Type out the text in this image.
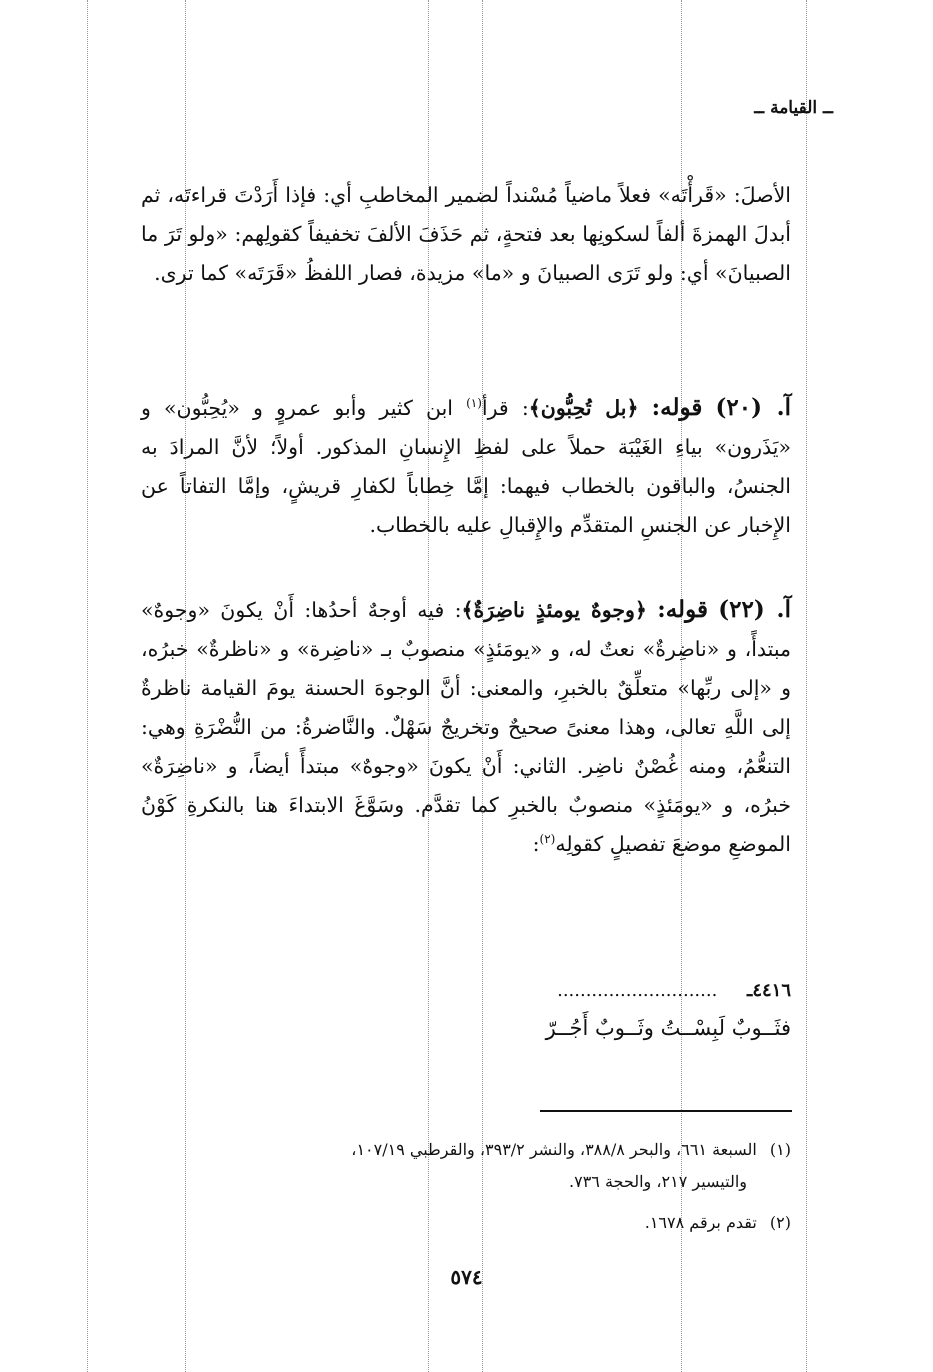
ــ القيامة ــ

الأصلَ: «قَرأْتَه» فعلاً ماضياً مُسْنداً لضمير المخاطبِ أي: فإذا أَرَدْتَ قراءتَه، ثم أبدلَ الهمزةَ ألفاً لسكونِها بعد فتحةٍ، ثم حَذَفَ الألفَ تخفيفاً كقولِهم: «ولو تَرَ ما الصبيانَ» أي: ولو تَرَى الصبيانَ و «ما» مزيدة، فصار اللفظُ «قَرَتَه» كما ترى.

آ. (٢٠) قوله: ﴿بل تُحِبُّون﴾: قرأ$^{(١)}$ ابن كثير وأبو عمروٍ و «يُحِبُّون» و «يَذَرون» بياءِ الغَيْبَة حملاً على لفظِ الإِنسانِ المذكور. أولاً؛ لأنَّ المرادَ به الجنسُ، والباقون بالخطاب فيهما: إمَّا خِطاباً لكفارِ قريشٍ، وإمَّا التفاتاً عن الإِخبار عن الجنسِ المتقدِّم والإِقبالِ عليه بالخطاب.

آ. (٢٢) قوله: ﴿وجوهٌ يومئذٍ ناضِرَةٌ﴾: فيه أوجهٌ أحدُها: أَنْ يكونَ «وجوهٌ» مبتدأً، و «ناضِرةٌ» نعتٌ له، و «يومَئذٍ» منصوبٌ بـ «ناضِرة» و «ناظرةٌ» خبرُه، و «إلى ربِّها» متعلِّقٌ بالخبرِ، والمعنى: أنَّ الوجوهَ الحسنة يومَ القيامة ناظرةٌ إلى اللَّهِ تعالى، وهذا معنىً صحيحٌ وتخريجٌ سَهْلٌ. والنَّاضرةُ: من النُّضْرَةِ وهي: التنعُّمُ، ومنه غُصْنٌ ناضِر. الثاني: أَنْ يكونَ «وجوهٌ» مبتدأً أيضاً، و «ناضِرَةٌ» خبرُه، و «يومَئذٍ» منصوبٌ بالخبرِ كما تقدَّم. وسَوَّغَ الابتداءَ هنا بالنكرةِ كَوْنُ الموضعِ موضعَ تفصيلٍ كقولِه$^{(٢)}$:

٤٤١٦ـ ............................
فثَــوبٌ لَبِسْــتُ وثَــوبٌ أَجُــرّ

(١) السبعة ٦٦١، والبحر ٣٨٨/٨، والنشر ٣٩٣/٢، والقرطبي ١٠٧/١٩،
والتيسير ٢١٧، والحجة ٧٣٦.

(٢) تقدم برقم ١٦٧٨.

٥٧٤
